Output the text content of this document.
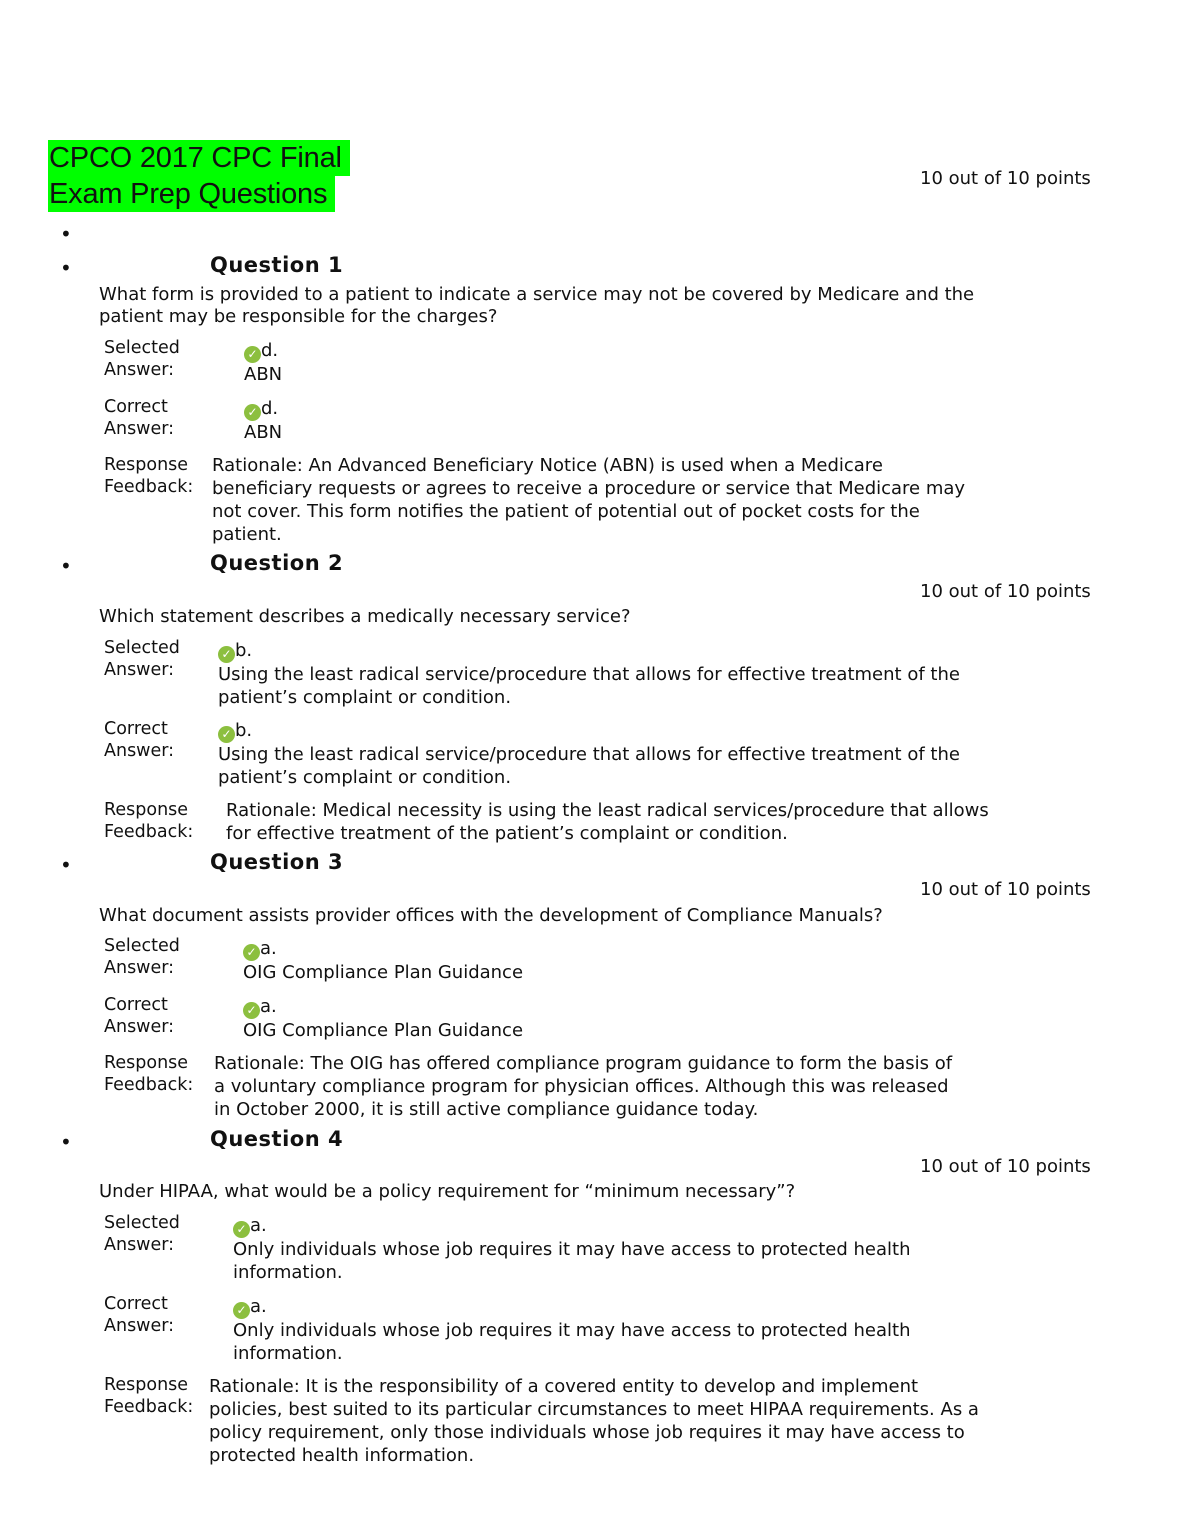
CPCO 2017 CPC Final
Exam Prep Questions
•
10 out of 10 points
•	Question 1
What form is provided to a patient to indicate a service may not be covered by Medicare and the patient may be responsible for the charges?
Selected
Answer:
✓ d.
ABN
Correct
Answer:
✓ d.
ABN
Response
Feedback:
Rationale: An Advanced Beneficiary Notice (ABN) is used when a Medicare beneficiary requests or agrees to receive a procedure or service that Medicare may not cover. This form notifies the patient of potential out of pocket costs for the patient.
•	Question 2
10 out of 10 points
Which statement describes a medically necessary service?
Selected
Answer:
✓ b.
Using the least radical service/procedure that allows for effective treatment of the patient’s complaint or condition.
Correct
Answer:
✓ b.
Using the least radical service/procedure that allows for effective treatment of the patient’s complaint or condition.
Response
Feedback:
Rationale: Medical necessity is using the least radical services/procedure that allows for effective treatment of the patient’s complaint or condition.
•	Question 3
10 out of 10 points
What document assists provider offices with the development of Compliance Manuals?
Selected
Answer:
✓ a.
OIG Compliance Plan Guidance
Correct
Answer:
✓ a.
OIG Compliance Plan Guidance
Response
Feedback:
Rationale: The OIG has offered compliance program guidance to form the basis of a voluntary compliance program for physician offices. Although this was released in October 2000, it is still active compliance guidance today.
•	Question 4
10 out of 10 points
Under HIPAA, what would be a policy requirement for “minimum necessary”?
Selected
Answer:
✓ a.
Only individuals whose job requires it may have access to protected health information.
Correct
Answer:
✓ a.
Only individuals whose job requires it may have access to protected health information.
Response
Feedback:
Rationale: It is the responsibility of a covered entity to develop and implement policies, best suited to its particular circumstances to meet HIPAA requirements. As a policy requirement, only those individuals whose job requires it may have access to protected health information.
